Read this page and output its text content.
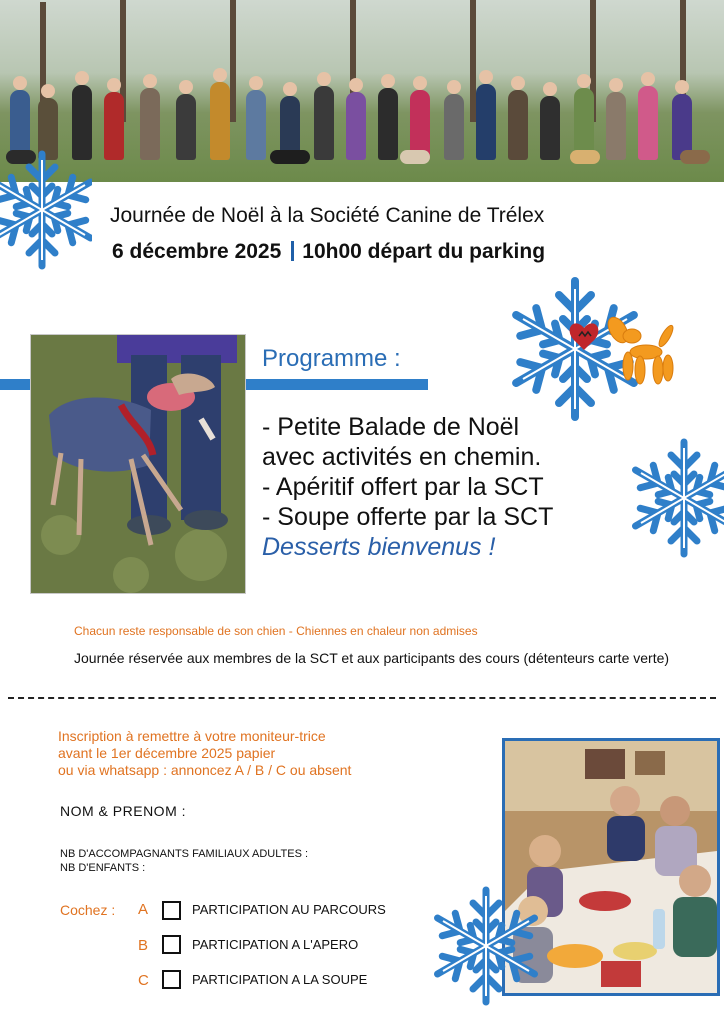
Journée de Noël à la Société Canine de Trélex
6 décembre 2025 10h00 départ du parking
Programme :
- Petite Balade de Noël
avec activités en chemin.
- Apéritif offert par la SCT
- Soupe offerte par la SCT
Desserts bienvenus !
Chacun reste responsable de son chien - Chiennes en chaleur non admises
Journée réservée aux membres de la SCT et aux participants des cours (détenteurs carte verte)
Inscription à remettre à votre moniteur-trice
avant le 1er décembre 2025 papier
ou via whatsapp : annoncez A / B / C ou absent
NOM & PRENOM :
NB D'ACCOMPAGNANTS FAMILIAUX ADULTES :
NB D'ENFANTS :
Cochez : A	PARTICIPATION AU PARCOURS
B	PARTICIPATION A L'APERO
C	PARTICIPATION A LA SOUPE
